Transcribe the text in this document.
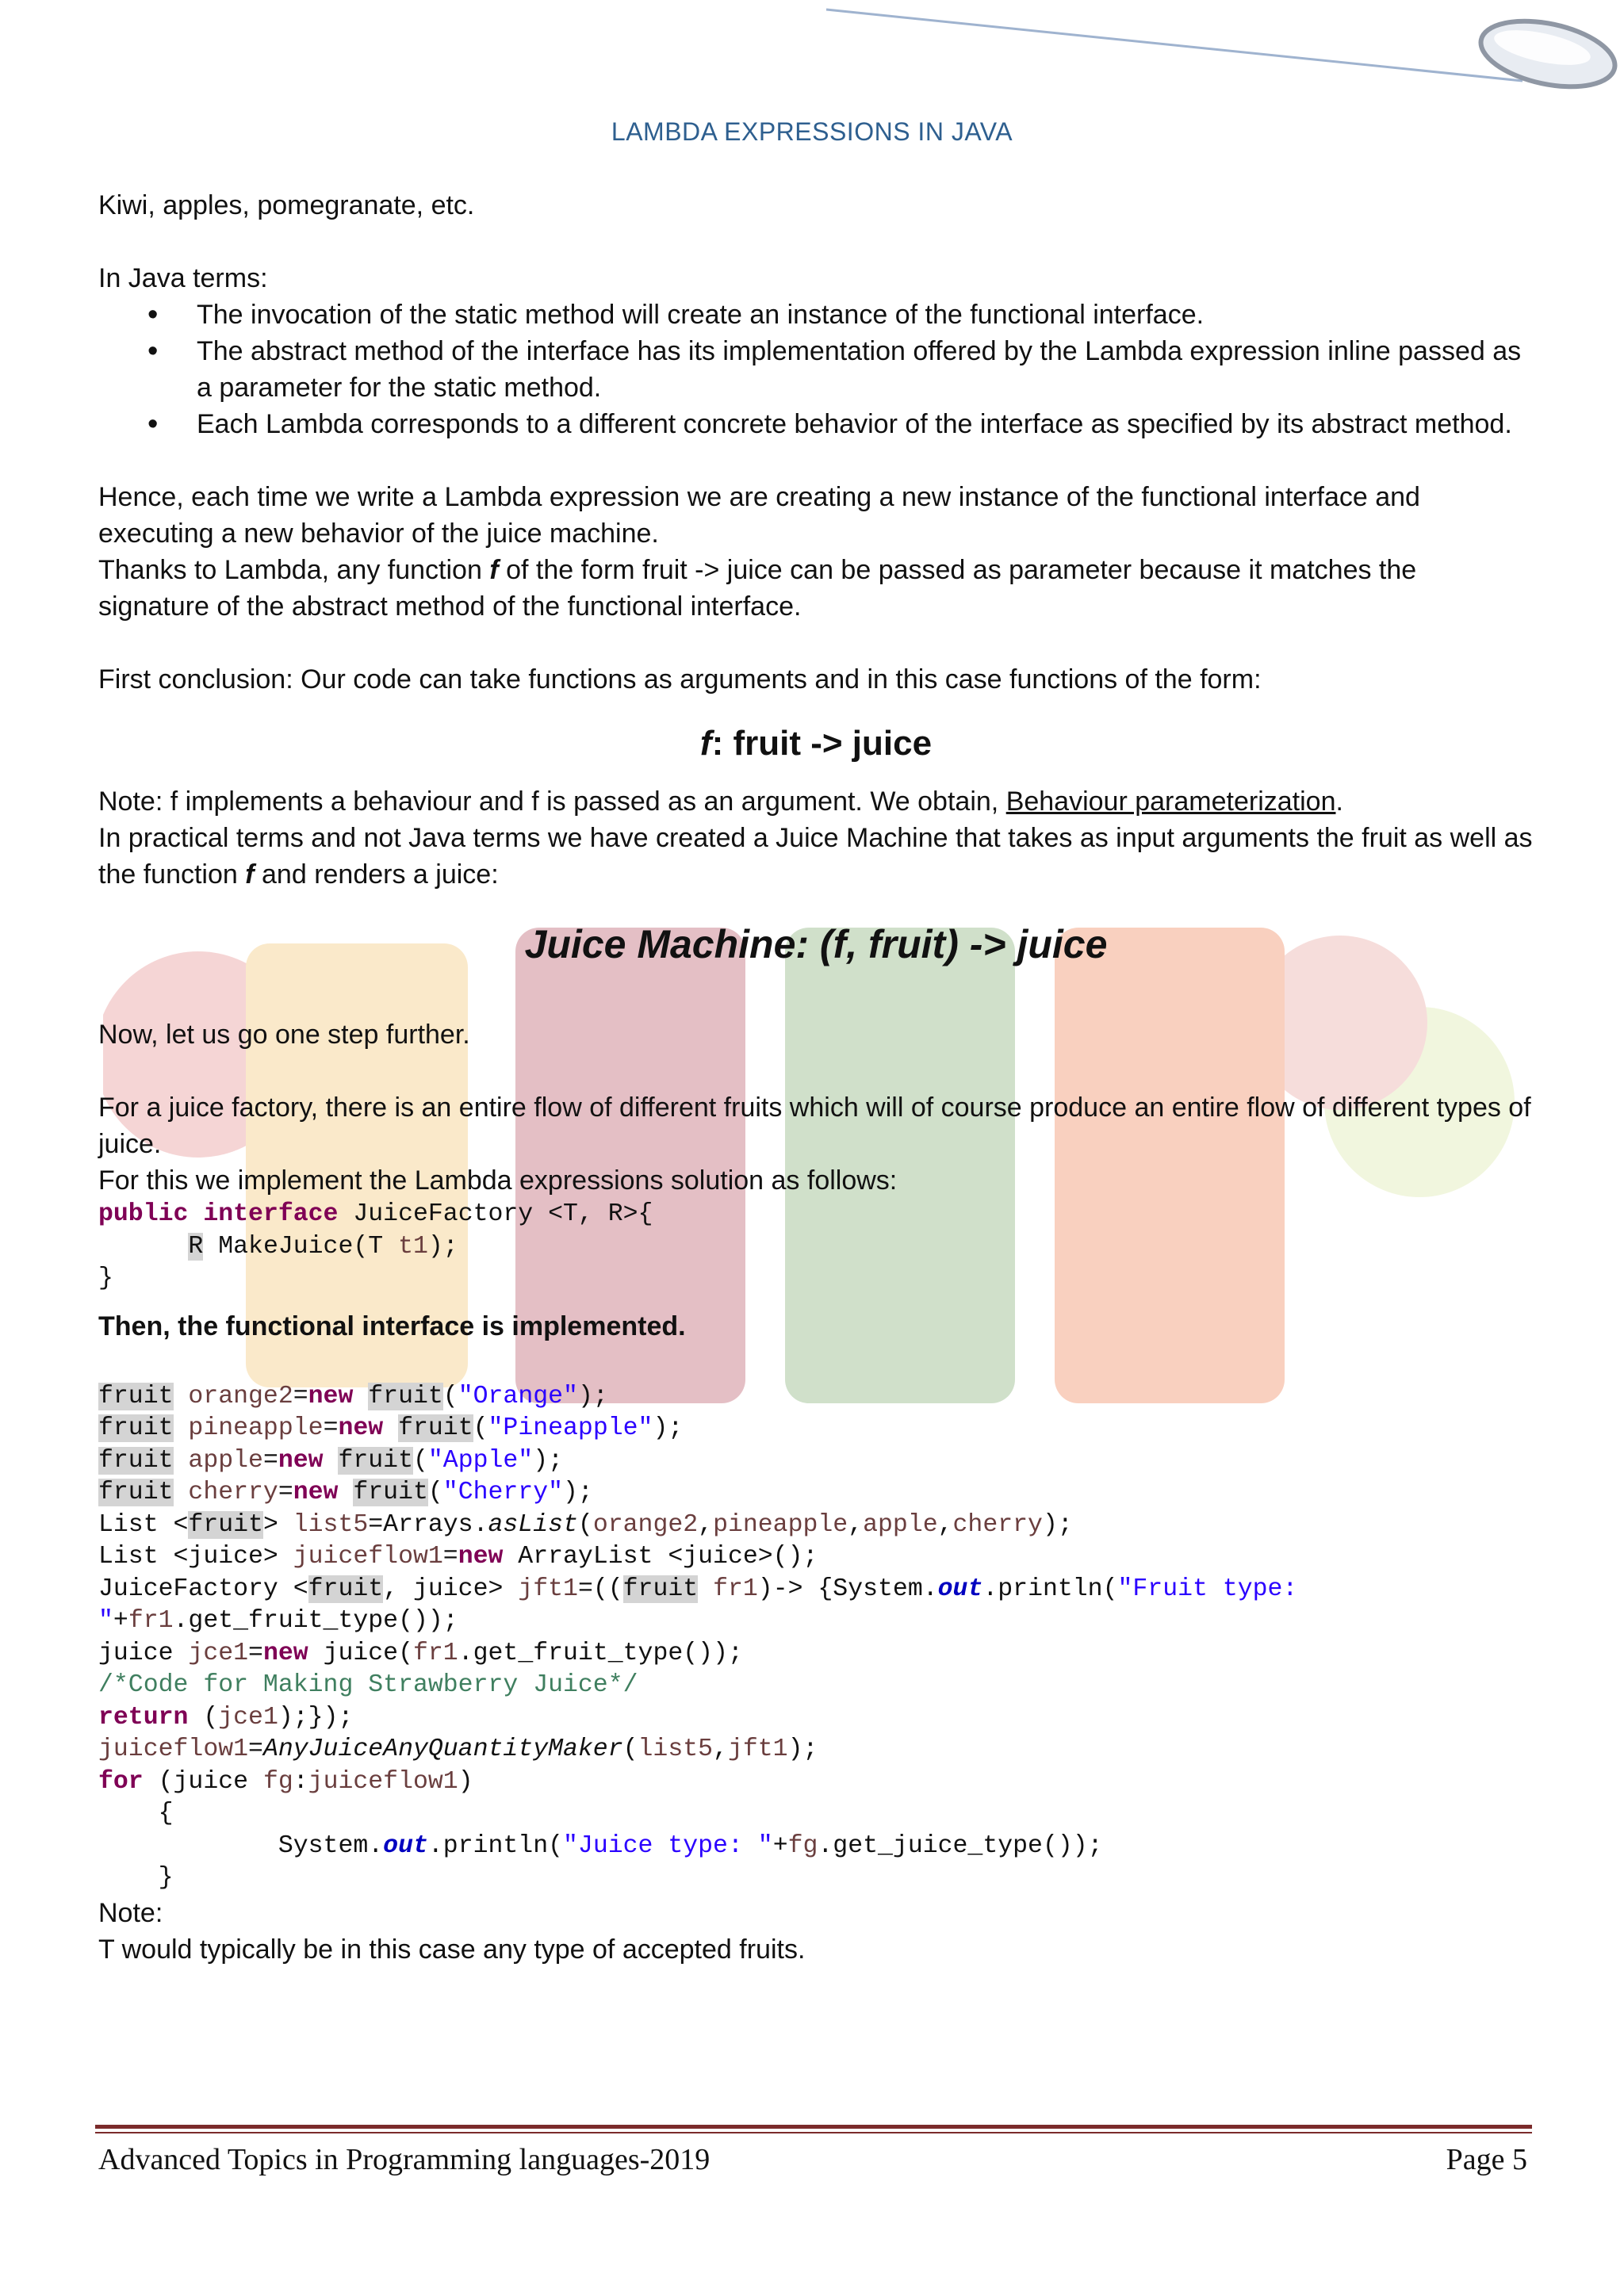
LAMBDA EXPRESSIONS IN JAVA

Kiwi, apples, pomegranate, etc.

In Java terms:

• The invocation of the static method will create an instance of the functional interface.
• The abstract method of the interface has its implementation offered by the Lambda expression inline passed as a parameter for the static method.
• Each Lambda corresponds to a different concrete behavior of the interface as specified by its abstract method.

Hence, each time we write a Lambda expression we are creating a new instance of the functional interface and executing a new behavior of the juice machine.

Thanks to Lambda, any function f of the form fruit -> juice can be passed as parameter because it matches the signature of the abstract method of the functional interface.

First conclusion: Our code can take functions as arguments and in this case functions of the form:

f: fruit -> juice

Note: f implements a behaviour and f is passed as an argument. We obtain, Behaviour parameterization.

In practical terms and not Java terms we have created a Juice Machine that takes as input arguments the fruit as well as the function f and renders a juice:

Juice Machine: (f, fruit) -> juice

Now, let us go one step further.

For a juice factory, there is an entire flow of different fruits which will of course produce an entire flow of different types of juice.

For this we implement the Lambda expressions solution as follows:

public interface JuiceFactory <T, R>{
R MakeJuice(T t1);
}

Then, the functional interface is implemented.

fruit orange2=new fruit("Orange");
fruit pineapple=new fruit("Pineapple");
fruit apple=new fruit("Apple");
fruit cherry=new fruit("Cherry");
List <fruit> list5=Arrays.asList(orange2,pineapple,apple,cherry);
List <juice> juiceflow1=new ArrayList <juice>();
JuiceFactory <fruit, juice> jft1=((fruit fr1)-> {System.out.println("Fruit type:
"+fr1.get_fruit_type());
juice jce1=new juice(fr1.get_fruit_type());
/*Code for Making Strawberry Juice*/
return (jce1);});
juiceflow1=AnyJuiceAnyQuantityMaker(list5,jft1);
for (juice fg:juiceflow1)
{
System.out.println("Juice type: "+fg.get_juice_type());
}

Note:

T would typically be in this case any type of accepted fruits.

Advanced Topics in Programming languages-2019	Page 5
